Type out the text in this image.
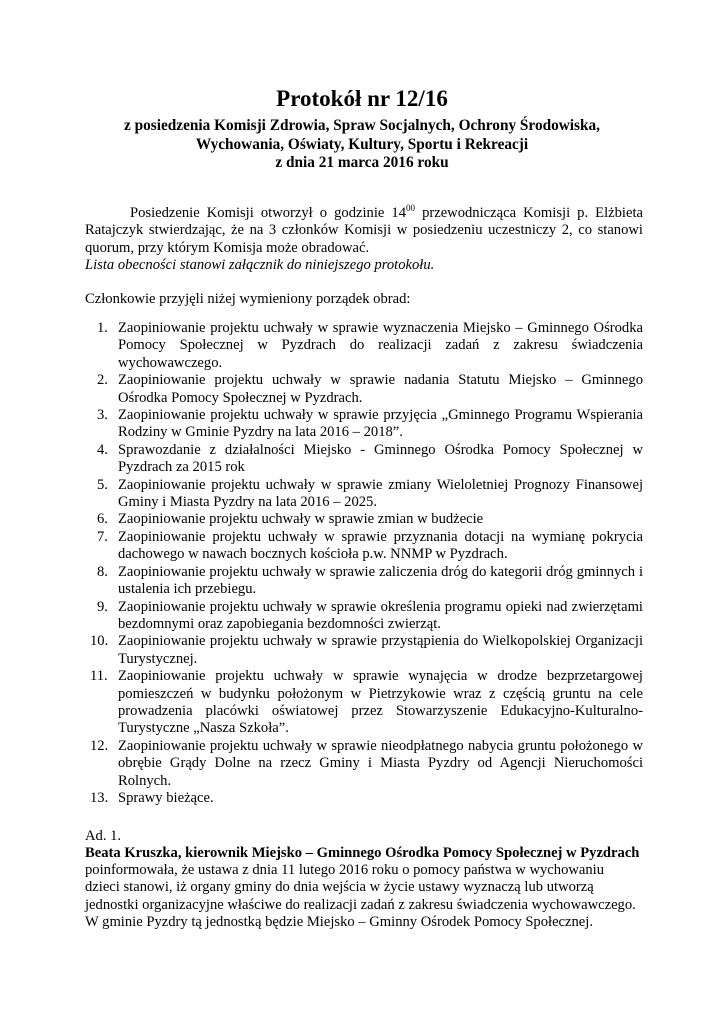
Protokół nr 12/16
z posiedzenia Komisji Zdrowia, Spraw Socjalnych, Ochrony Środowiska,
Wychowania, Oświaty, Kultury, Sportu i Rekreacji
z dnia 21 marca 2016 roku
Posiedzenie Komisji otworzył o godzinie $14^{00}$ przewodnicząca Komisji p. Elżbieta Ratajczyk stwierdzając, że na 3 członków Komisji w posiedzeniu uczestniczy 2, co stanowi quorum, przy którym Komisja może obradować.
Lista obecności stanowi załącznik do niniejszego protokołu.
Członkowie przyjęli niżej wymieniony porządek obrad:
1. Zaopiniowanie projektu uchwały w sprawie wyznaczenia Miejsko – Gminnego Ośrodka Pomocy Społecznej w Pyzdrach do realizacji zadań z zakresu świadczenia wychowawczego.
2. Zaopiniowanie projektu uchwały w sprawie nadania Statutu Miejsko – Gminnego Ośrodka Pomocy Społecznej w Pyzdrach.
3. Zaopiniowanie projektu uchwały w sprawie przyjęcia „Gminnego Programu Wspierania Rodziny w Gminie Pyzdry na lata 2016 – 2018”.
4. Sprawozdanie z działalności Miejsko - Gminnego Ośrodka Pomocy Społecznej w Pyzdrach za 2015 rok
5. Zaopiniowanie projektu uchwały w sprawie zmiany Wieloletniej Prognozy Finansowej Gminy i Miasta Pyzdry na lata 2016 – 2025.
6. Zaopiniowanie projektu uchwały w sprawie zmian w budżecie
7. Zaopiniowanie projektu uchwały w sprawie przyznania dotacji na wymianę pokrycia dachowego w nawach bocznych kościoła p.w. NNMP w Pyzdrach.
8. Zaopiniowanie projektu uchwały w sprawie zaliczenia dróg do kategorii dróg gminnych i ustalenia ich przebiegu.
9. Zaopiniowanie projektu uchwały w sprawie określenia programu opieki nad zwierzętami bezdomnymi oraz zapobiegania bezdomności zwierząt.
10. Zaopiniowanie projektu uchwały w sprawie przystąpienia do Wielkopolskiej Organizacji Turystycznej.
11. Zaopiniowanie projektu uchwały w sprawie wynajęcia w drodze bezprzetargowej pomieszczeń w budynku położonym w Pietrzykowie wraz z częścią gruntu na cele prowadzenia placówki oświatowej przez Stowarzyszenie Edukacyjno-Kulturalno-Turystyczne „Nasza Szkoła”.
12. Zaopiniowanie projektu uchwały w sprawie nieodpłatnego nabycia gruntu położonego w obrębie Grądy Dolne na rzecz Gminy i Miasta Pyzdry od Agencji Nieruchomości Rolnych.
13. Sprawy bieżące.
Ad. 1.
Beata Kruszka, kierownik Miejsko – Gminnego Ośrodka Pomocy Społecznej w Pyzdrach
poinformowała, że ustawa z dnia 11 lutego 2016 roku o pomocy państwa w wychowaniu
dzieci stanowi, iż organy gminy do dnia wejścia w życie ustawy wyznaczą lub utworzą
jednostki organizacyjne właściwe do realizacji zadań z zakresu świadczenia wychowawczego.
W gminie Pyzdry tą jednostką będzie Miejsko – Gminny Ośrodek Pomocy Społecznej.
